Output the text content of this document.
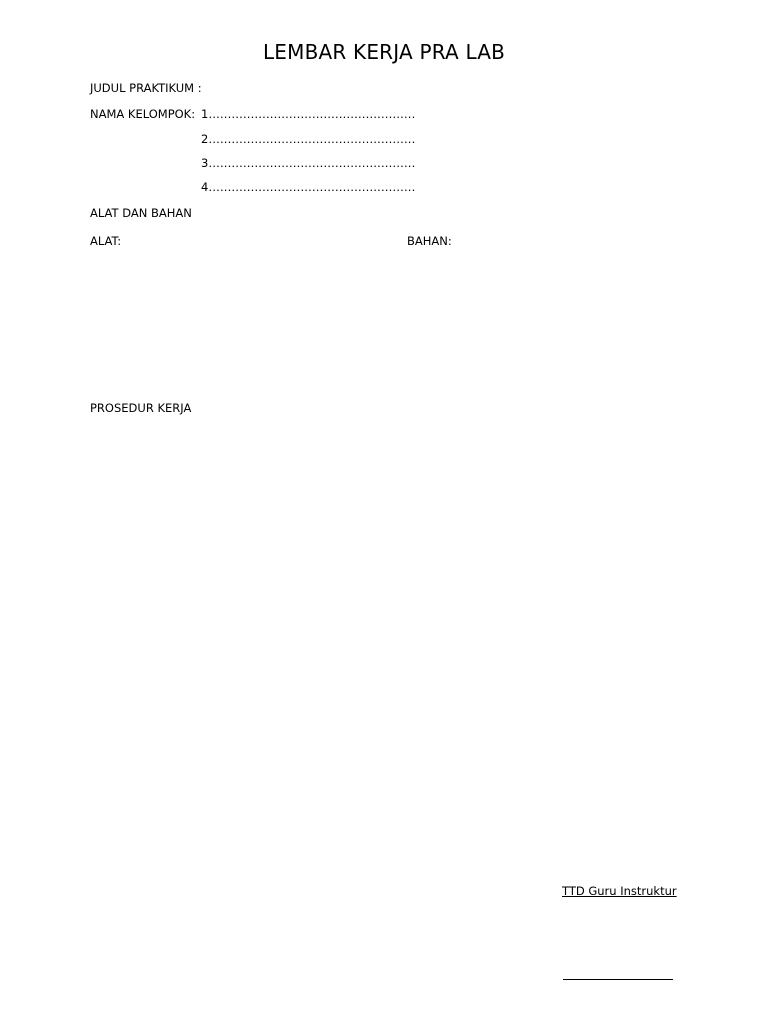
LEMBAR KERJA PRA LAB
JUDUL PRAKTIKUM :
NAMA KELOMPOK: 1………………………………………………
2………………………………………………
3………………………………………………
4………………………………………………
ALAT DAN BAHAN
ALAT:	BAHAN:
PROSEDUR KERJA
TTD Guru Instruktur
